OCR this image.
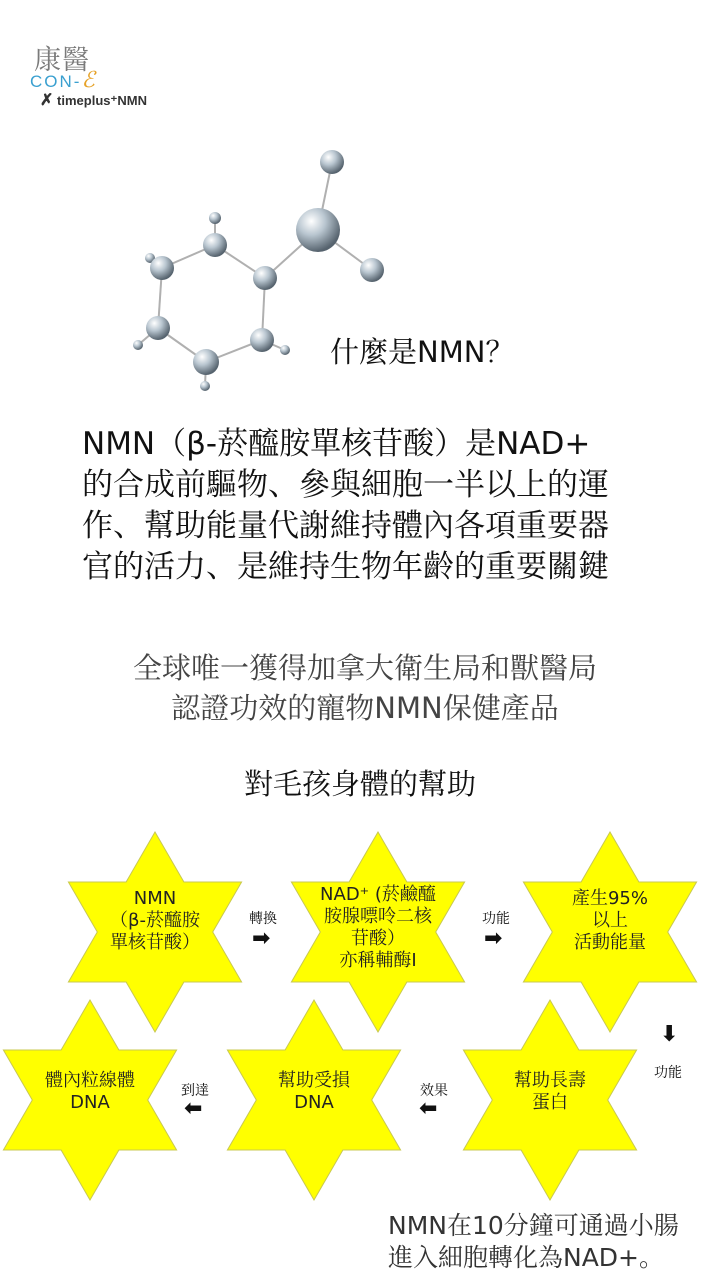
康醫
CON-ℰ
✗ timeplus⁺NMN
什麼是NMN？
NMN（β-菸醯胺單核苷酸）是NAD+
的合成前驅物、參與細胞一半以上的運
作、幫助能量代謝維持體內各項重要器
官的活力、是維持生物年齡的重要關鍵
全球唯一獲得加拿大衛生局和獸醫局
認證功效的寵物NMN保健產品
對毛孩身體的幫助
NMN
（β-菸醯胺
單核苷酸）
NAD⁺ (菸鹼醯
胺腺嘌呤二核
苷酸）
亦稱輔酶Ⅰ
產生95%
以上
活動能量
體內粒線體
DNA
幫助受損
DNA
幫助長壽
蛋白
轉換
➡
功能
➡
⬇
功能
效果
⬅
到達
⬅
NMN在10分鐘可通過小腸
進入細胞轉化為NAD+。
